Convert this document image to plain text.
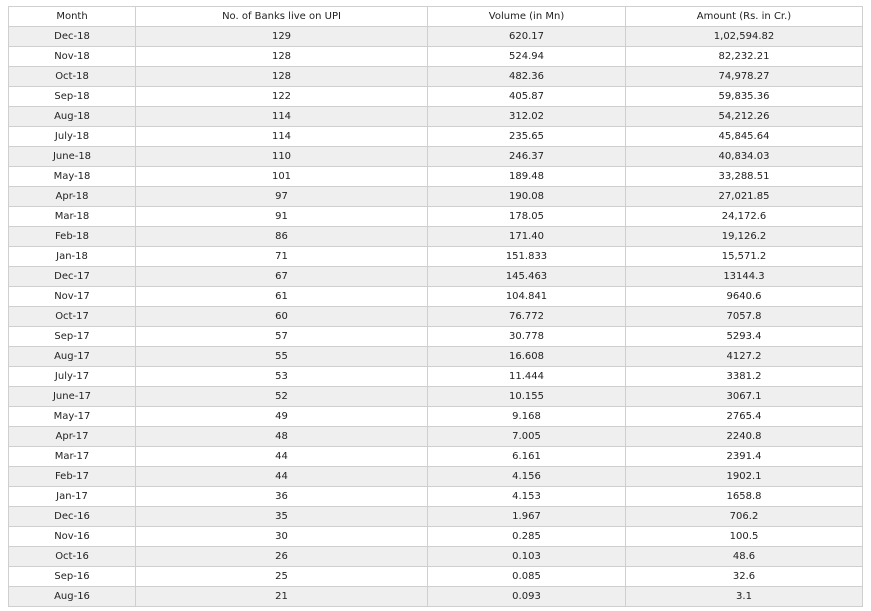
Month	No. of Banks live on UPI	Volume (in Mn)	Amount (Rs. in Cr.)
Dec-18	129	620.17	1,02,594.82
Nov-18	128	524.94	82,232.21
Oct-18	128	482.36	74,978.27
Sep-18	122	405.87	59,835.36
Aug-18	114	312.02	54,212.26
July-18	114	235.65	45,845.64
June-18	110	246.37	40,834.03
May-18	101	189.48	33,288.51
Apr-18	97	190.08	27,021.85
Mar-18	91	178.05	24,172.6
Feb-18	86	171.40	19,126.2
Jan-18	71	151.833	15,571.2
Dec-17	67	145.463	13144.3
Nov-17	61	104.841	9640.6
Oct-17	60	76.772	7057.8
Sep-17	57	30.778	5293.4
Aug-17	55	16.608	4127.2
July-17	53	11.444	3381.2
June-17	52	10.155	3067.1
May-17	49	9.168	2765.4
Apr-17	48	7.005	2240.8
Mar-17	44	6.161	2391.4
Feb-17	44	4.156	1902.1
Jan-17	36	4.153	1658.8
Dec-16	35	1.967	706.2
Nov-16	30	0.285	100.5
Oct-16	26	0.103	48.6
Sep-16	25	0.085	32.6
Aug-16	21	0.093	3.1
